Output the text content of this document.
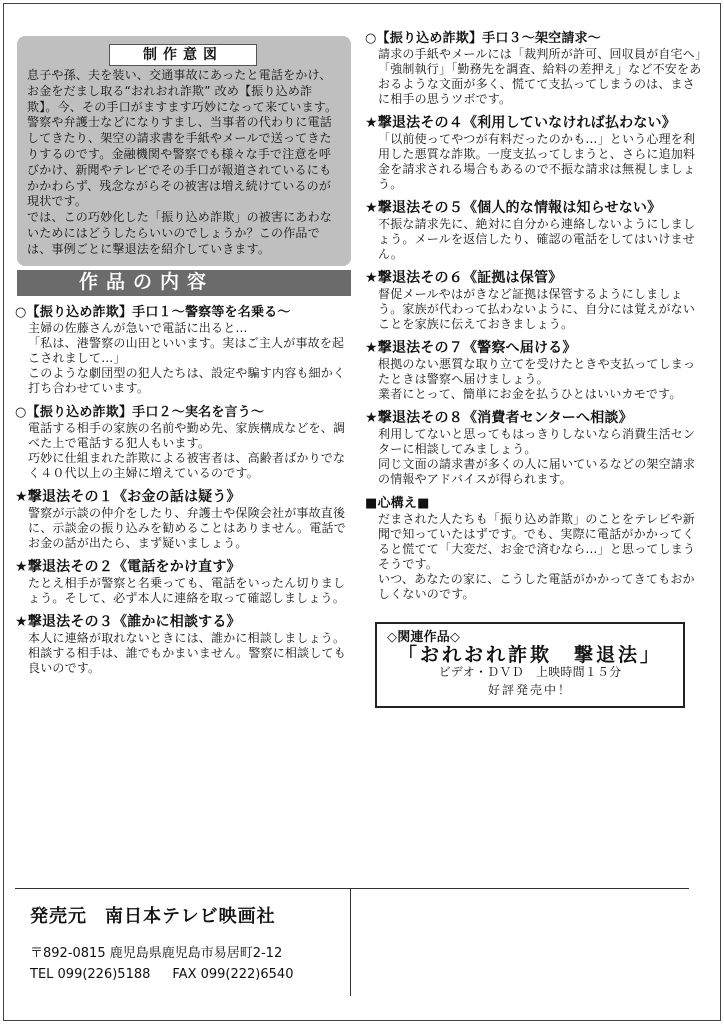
制作意図

息子や孫、夫を装い、交通事故にあったと電話をかけ、お金をだまし取る“おれおれ詐欺” 改め【振り込め詐欺】。今、その手口がますます巧妙になって来ています。

警察や弁護士などになりすまし、当事者の代わりに電話してきたり、架空の請求書を手紙やメールで送ってきたりするのです。金融機関や警察でも様々な手で注意を呼びかけ、新聞やテレビでその手口が報道されているにもかかわらず、残念ながらその被害は増え続けているのが現状です。

では、この巧妙化した「振り込め詐欺」の被害にあわないためにはどうしたらいいのでしょうか？この作品では、事例ごとに撃退法を紹介していきます。

作品の内容
○【振り込め詐欺】手口１～警察等を名乗る～

主婦の佐藤さんが急いで電話に出ると…

「私は、港警察の山田といいます。実はご主人が事故を起こされまして…」

このような劇団型の犯人たちは、設定や騙す内容も細かく打ち合わせています。

○【振り込め詐欺】手口２～実名を言う～

電話する相手の家族の名前や勤め先、家族構成などを、調べた上で電話する犯人もいます。

巧妙に仕組まれた詐欺による被害者は、高齢者ばかりでなく４０代以上の主婦に増えているのです。

★撃退法その１《お金の話は疑う》

警察が示談の仲介をしたり、弁護士や保険会社が事故直後に、示談金の振り込みを勧めることはありません。電話でお金の話が出たら、まず疑いましょう。

★撃退法その２《電話をかけ直す》

たとえ相手が警察と名乗っても、電話をいったん切りましょう。そして、必ず本人に連絡を取って確認しましょう。

★撃退法その３《誰かに相談する》

本人に連絡が取れないときには、誰かに相談しましょう。相談する相手は、誰でもかまいません。警察に相談しても良いのです。

○【振り込め詐欺】手口３～架空請求～

請求の手紙やメールには「裁判所が許可、回収員が自宅へ」「強制執行」「勤務先を調査、給料の差押え」など不安をあおるような文面が多く、慌てて支払ってしまうのは、まさに相手の思うツボです。

★撃退法その４《利用していなければ払わない》

「以前使ってやつが有料だったのかも…」という心理を利用した悪質な詐欺。一度支払ってしまうと、さらに追加料金を請求される場合もあるので不振な請求は無視しましょう。

★撃退法その５《個人的な情報は知らせない》

不振な請求先に、絶対に自分から連絡しないようにしましょう。メールを返信したり、確認の電話をしてはいけません。

★撃退法その６《証拠は保管》

督促メールやはがきなど証拠は保管するようにしましょう。家族が代わって払わないように、自分には覚えがないことを家族に伝えておきましょう。

★撃退法その７《警察へ届ける》

根拠のない悪質な取り立てを受けたときや支払ってしまったときは警察へ届けましょう。

業者にとって、簡単にお金を払うひとはいいカモです。

★撃退法その８《消費者センターへ相談》

利用してないと思ってもはっきりしないなら消費生活センターに相談してみましょう。

同じ文面の請求書が多くの人に届いているなどの架空請求の情報やアドバイスが得られます。

■心構え■

だまされた人たちも「振り込め詐欺」のことをテレビや新聞で知っていたはずです。でも、実際に電話がかかってくると慌てて「大変だ、お金で済むなら…」と思ってしまうそうです。

いつ、あなたの家に、こうした電話がかかってきてもおかしくないのです。

◇関連作品◇
「おれおれ詐欺　撃退法」
ビデオ・ＤＶＤ　上映時間１５分
好評発売中！
発売元 南日本テレビ映画社
〒892-0815 鹿児島県鹿児島市易居町2-12
TEL 099(226)5188 FAX 099(222)6540
